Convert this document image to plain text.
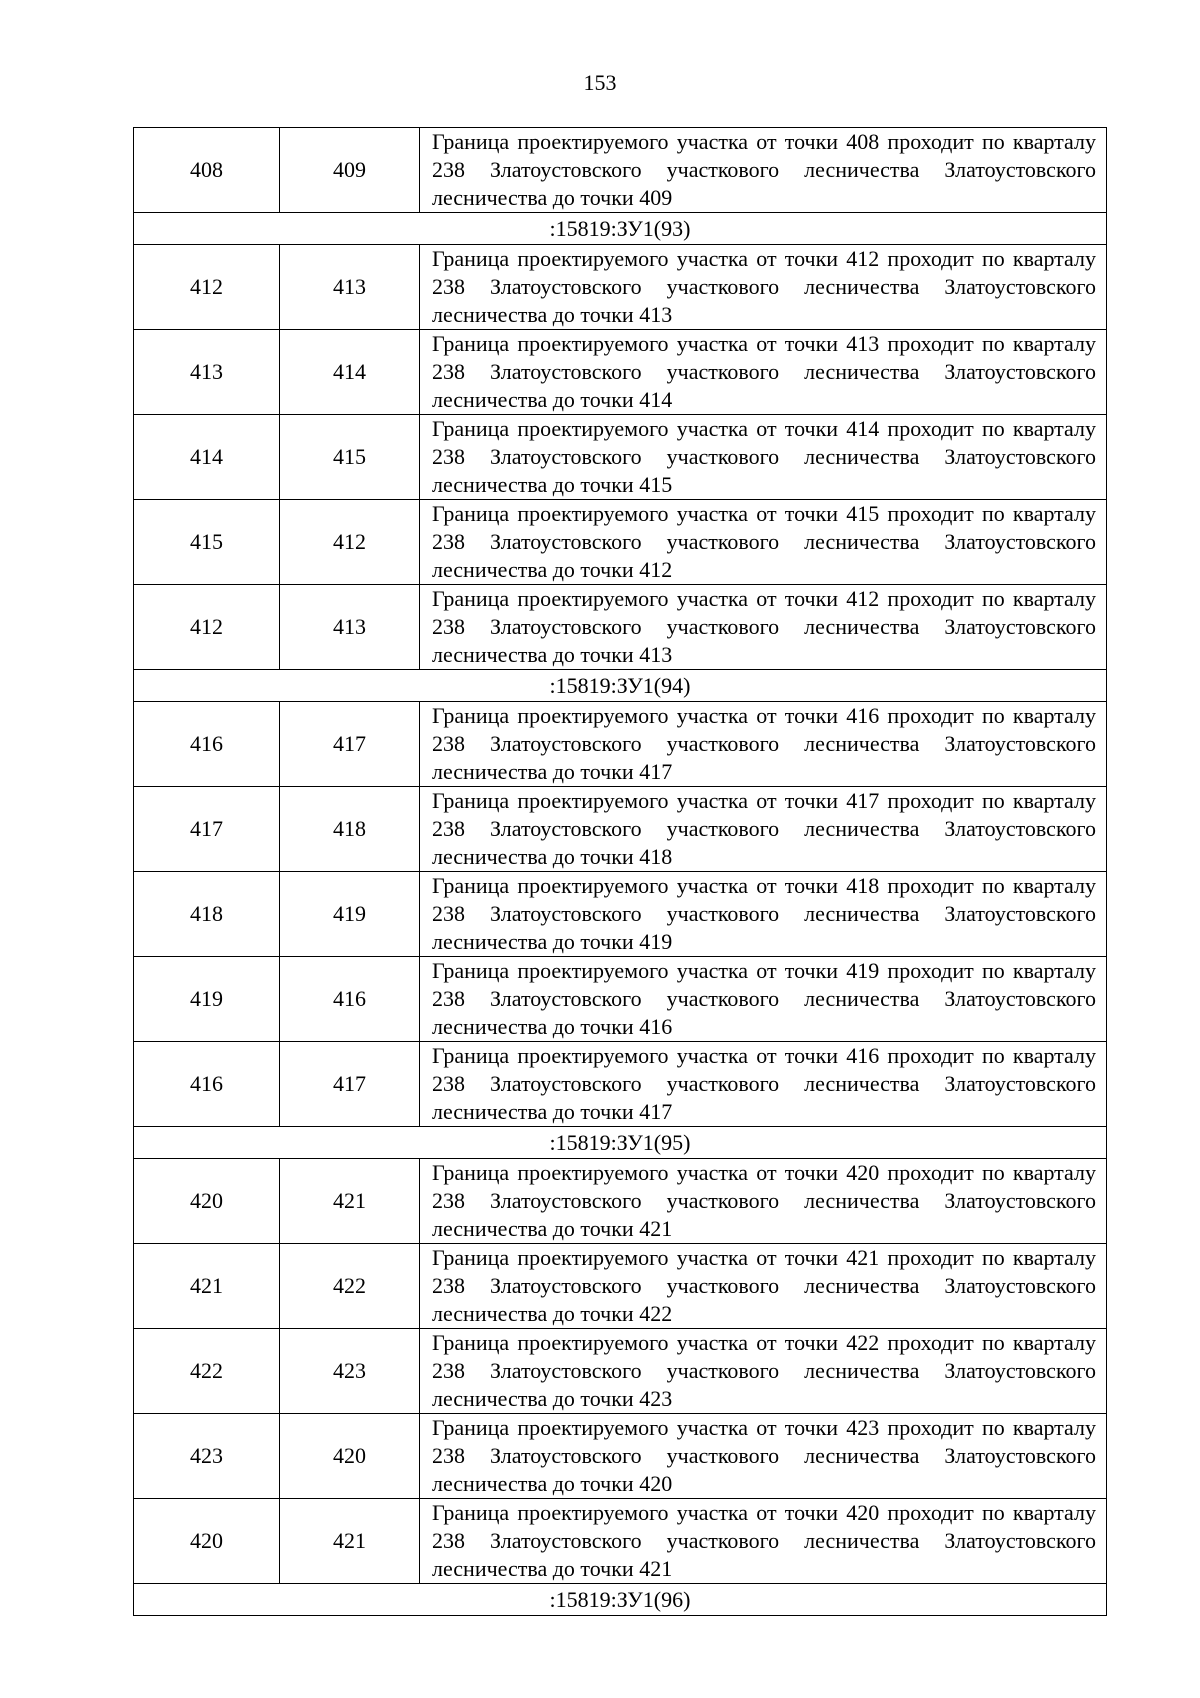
153
408	409	Граница проектируемого участка от точки 408 проходит по кварталу 238 Златоустовского участкового лесничества Златоустовского лесничества до точки 409
:15819:ЗУ1(93)		
412	413	Граница проектируемого участка от точки 412 проходит по кварталу 238 Златоустовского участкового лесничества Златоустовского лесничества до точки 413
413	414	Граница проектируемого участка от точки 413 проходит по кварталу 238 Златоустовского участкового лесничества Златоустовского лесничества до точки 414
414	415	Граница проектируемого участка от точки 414 проходит по кварталу 238 Златоустовского участкового лесничества Златоустовского лесничества до точки 415
415	412	Граница проектируемого участка от точки 415 проходит по кварталу 238 Златоустовского участкового лесничества Златоустовского лесничества до точки 412
412	413	Граница проектируемого участка от точки 412 проходит по кварталу 238 Златоустовского участкового лесничества Златоустовского лесничества до точки 413
:15819:ЗУ1(94)		
416	417	Граница проектируемого участка от точки 416 проходит по кварталу 238 Златоустовского участкового лесничества Златоустовского лесничества до точки 417
417	418	Граница проектируемого участка от точки 417 проходит по кварталу 238 Златоустовского участкового лесничества Златоустовского лесничества до точки 418
418	419	Граница проектируемого участка от точки 418 проходит по кварталу 238 Златоустовского участкового лесничества Златоустовского лесничества до точки 419
419	416	Граница проектируемого участка от точки 419 проходит по кварталу 238 Златоустовского участкового лесничества Златоустовского лесничества до точки 416
416	417	Граница проектируемого участка от точки 416 проходит по кварталу 238 Златоустовского участкового лесничества Златоустовского лесничества до точки 417
:15819:ЗУ1(95)		
420	421	Граница проектируемого участка от точки 420 проходит по кварталу 238 Златоустовского участкового лесничества Златоустовского лесничества до точки 421
421	422	Граница проектируемого участка от точки 421 проходит по кварталу 238 Златоустовского участкового лесничества Златоустовского лесничества до точки 422
422	423	Граница проектируемого участка от точки 422 проходит по кварталу 238 Златоустовского участкового лесничества Златоустовского лесничества до точки 423
423	420	Граница проектируемого участка от точки 423 проходит по кварталу 238 Златоустовского участкового лесничества Златоустовского лесничества до точки 420
420	421	Граница проектируемого участка от точки 420 проходит по кварталу 238 Златоустовского участкового лесничества Златоустовского лесничества до точки 421
:15819:ЗУ1(96)		
